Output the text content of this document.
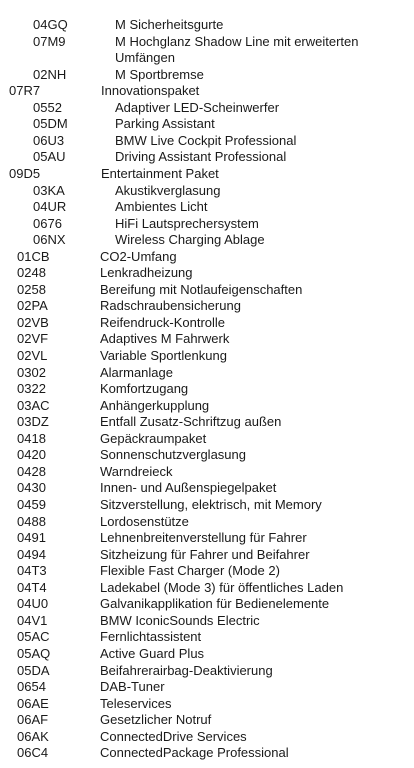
04GQ	M Sicherheitsgurte
07M9	M Hochglanz Shadow Line mit erweiterten
Umfängen
02NH	M Sportbremse
07R7	Innovationspaket
0552	Adaptiver LED-Scheinwerfer
05DM	Parking Assistant
06U3	BMW Live Cockpit Professional
05AU	Driving Assistant Professional
09D5	Entertainment Paket
03KA	Akustikverglasung
04UR	Ambientes Licht
0676	HiFi Lautsprechersystem
06NX	Wireless Charging Ablage
01CB	CO2-Umfang
0248	Lenkradheizung
0258	Bereifung mit Notlaufeigenschaften
02PA	Radschraubensicherung
02VB	Reifendruck-Kontrolle
02VF	Adaptives M Fahrwerk
02VL	Variable Sportlenkung
0302	Alarmanlage
0322	Komfortzugang
03AC	Anhängerkupplung
03DZ	Entfall Zusatz-Schriftzug außen
0418	Gepäckraumpaket
0420	Sonnenschutzverglasung
0428	Warndreieck
0430	Innen- und Außenspiegelpaket
0459	Sitzverstellung, elektrisch, mit Memory
0488	Lordosenstütze
0491	Lehnenbreitenverstellung für Fahrer
0494	Sitzheizung für Fahrer und Beifahrer
04T3	Flexible Fast Charger (Mode 2)
04T4	Ladekabel (Mode 3) für öffentliches Laden
04U0	Galvanikapplikation für Bedienelemente
04V1	BMW IconicSounds Electric
05AC	Fernlichtassistent
05AQ	Active Guard Plus
05DA	Beifahrerairbag-Deaktivierung
0654	DAB-Tuner
06AE	Teleservices
06AF	Gesetzlicher Notruf
06AK	ConnectedDrive Services
06C4	ConnectedPackage Professional
